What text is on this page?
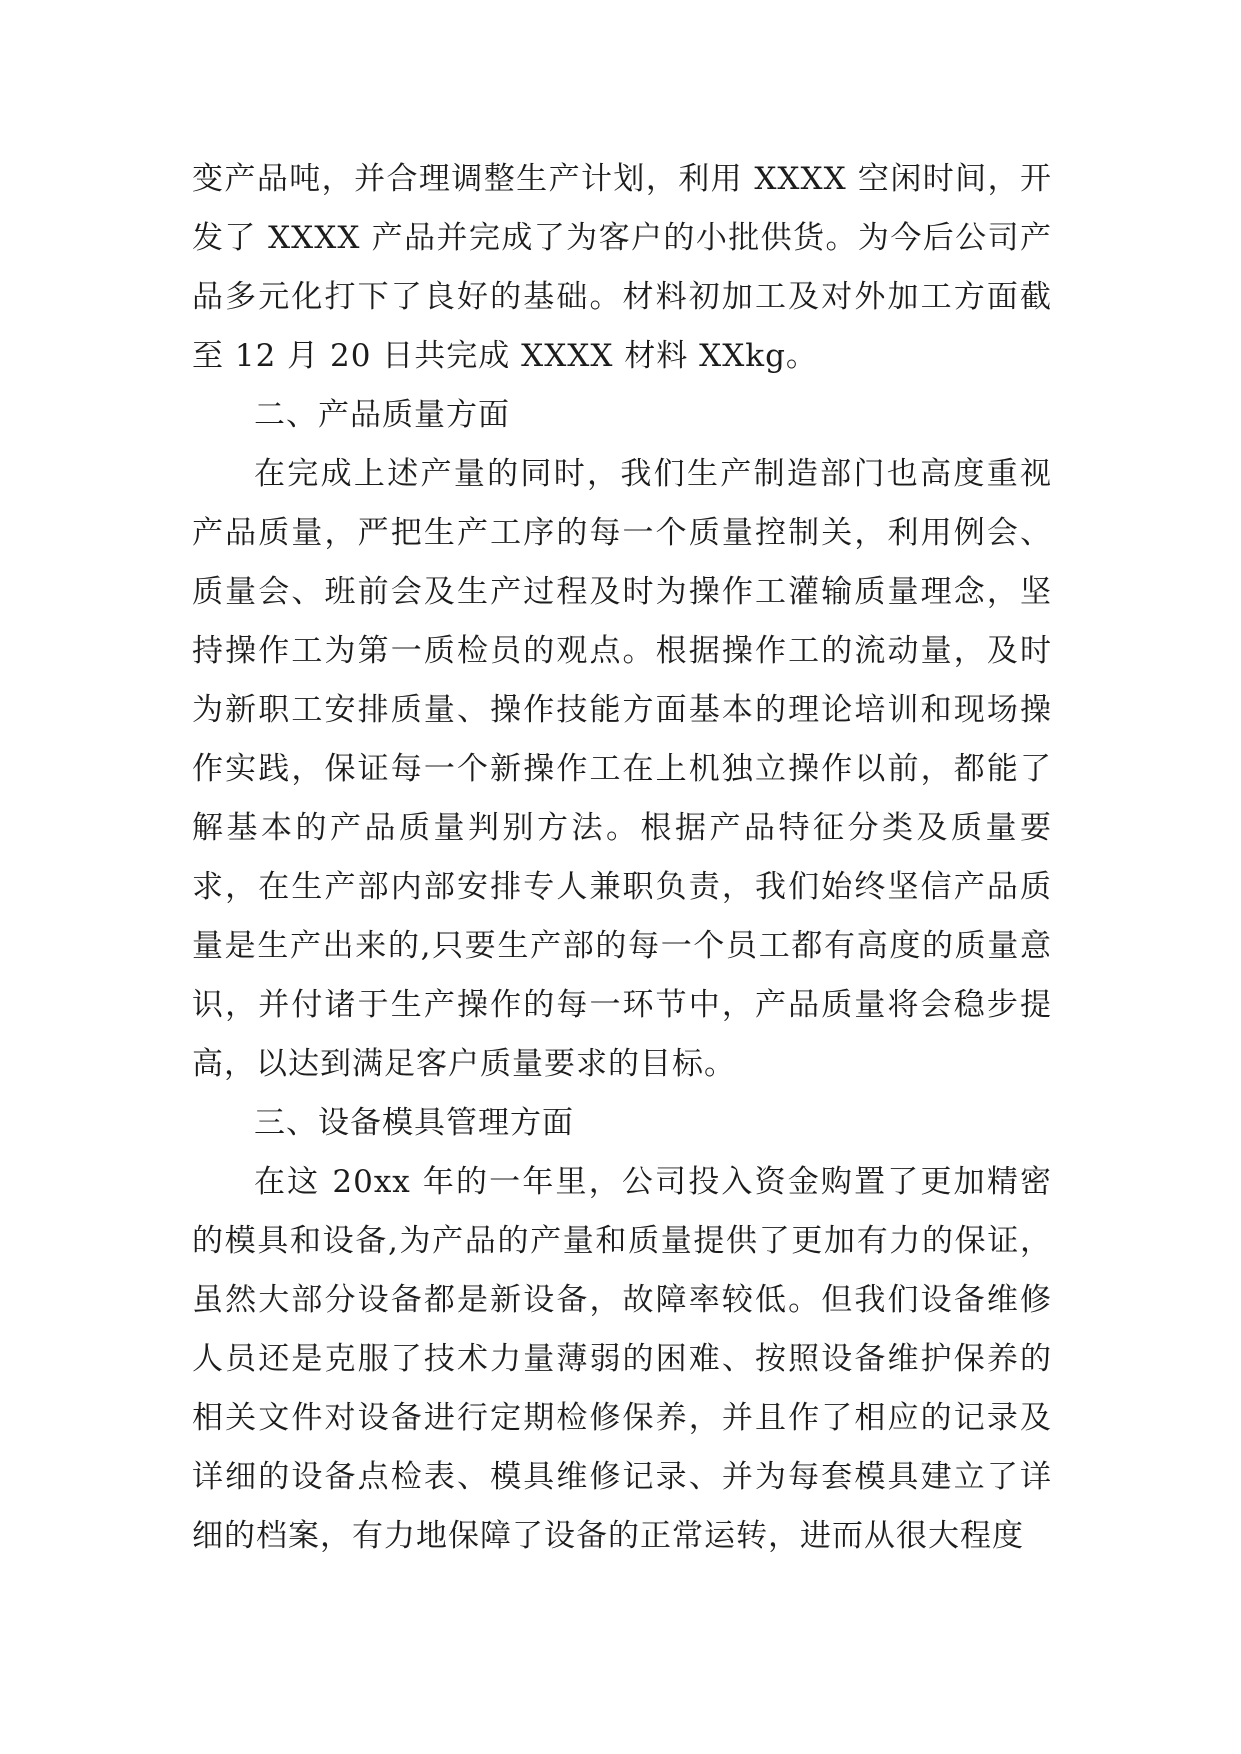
变产品吨，并合理调整生产计划，利用 XXXX 空闲时间，开发了 XXXX 产品并完成了为客户的小批供货。为今后公司产品多元化打下了良好的基础。材料初加工及对外加工方面截至 12 月 20 日共完成 XXXX 材料 XXkg。

二、产品质量方面

在完成上述产量的同时，我们生产制造部门也高度重视产品质量，严把生产工序的每一个质量控制关，利用例会、质量会、班前会及生产过程及时为操作工灌输质量理念，坚持操作工为第一质检员的观点。根据操作工的流动量，及时为新职工安排质量、操作技能方面基本的理论培训和现场操作实践，保证每一个新操作工在上机独立操作以前，都能了解基本的产品质量判别方法。根据产品特征分类及质量要求，在生产部内部安排专人兼职负责，我们始终坚信产品质量是生产出来的,只要生产部的每一个员工都有高度的质量意识，并付诸于生产操作的每一环节中，产品质量将会稳步提高，以达到满足客户质量要求的目标。

三、设备模具管理方面

在这 20xx 年的一年里，公司投入资金购置了更加精密的模具和设备,为产品的产量和质量提供了更加有力的保证，虽然大部分设备都是新设备，故障率较低。但我们设备维修人员还是克服了技术力量薄弱的困难、按照设备维护保养的相关文件对设备进行定期检修保养，并且作了相应的记录及详细的设备点检表、模具维修记录、并为每套模具建立了详细的档案，有力地保障了设备的正常运转，进而从很大程度
